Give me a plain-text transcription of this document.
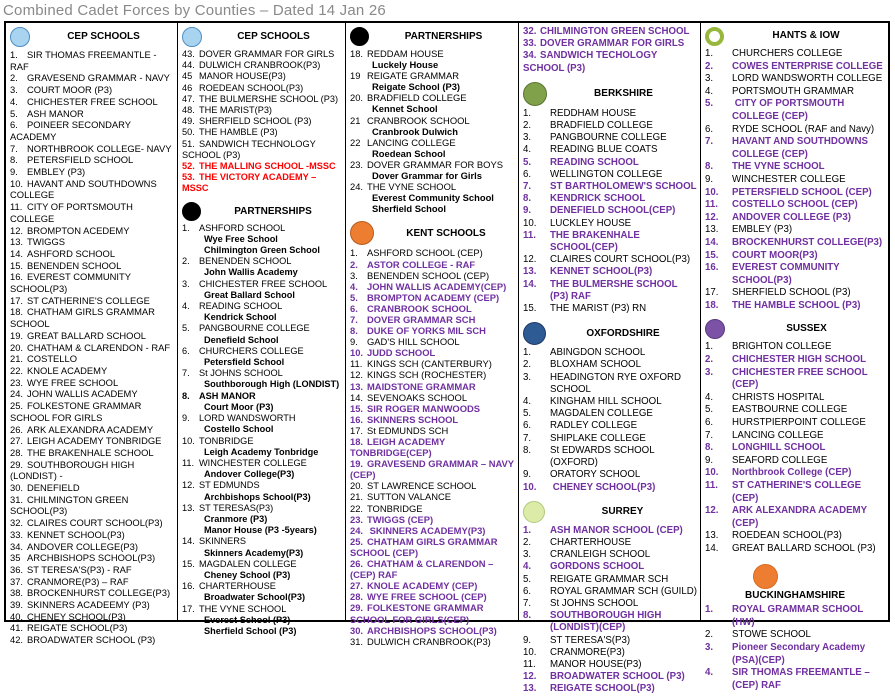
Combined Cadet Forces by Counties – Dated 14 Jan 26
CEP SCHOOLS
1. SIR THOMAS FREEMANTLE - RAF
2. GRAVESEND GRAMMAR - NAVY
3. COURT MOOR (P3)
4. CHICHESTER FREE SCHOOL
5. ASH MANOR
6. POINEER SECONDARY ACADEMY
7. NORTHBROOK COLLEGE- NAVY
8. PETERSFIELD SCHOOL
9. EMBLEY (P3)
10. HAVANT AND SOUTHDOWNS COLLEGE
11. CITY OF PORTSMOUTH COLLEGE
12. BROMPTON ACEDEMY
13. TWIGGS
14. ASHFORD SCHOOL
15. BENENDEN SCHOOL
16. EVEREST COMMUNITY SCHOOL(P3)
17. ST CATHERINE'S COLLEGE
18. CHATHAM GIRLS GRAMMAR SCHOOL
19. GREAT BALLARD SCHOOL
20. CHATHAM & CLARENDON - RAF
21. COSTELLO
22. KNOLE ACADEMY
23. WYE FREE SCHOOL
24. JOHN WALLIS ACADEMY
25. FOLKESTONE GRAMMAR SCHOOL FOR GIRLS
26. ARK ALEXANDRA ACADEMY
27. LEIGH ACADEMY TONBRIDGE
28. THE BRAKENHALE SCHOOL
29. SOUTHBOROUGH HIGH (LONDIST) -
30. DENEFIELD
31. CHILMINGTON GREEN SCHOOL(P3)
32. CLAIRES COURT SCHOOL(P3)
33. KENNET SCHOOL(P3)
34. ANDOVER COLLEGE(P3)
35 ARCHBISHOPS SCHOOL(P3)
36. ST TERESA'S(P3) - RAF
37. CRANMORE(P3) – RAF
38. BROCKENHURST COLLEGE(P3)
39. SKINNERS ACADEEMY (P3)
40. CHENEY SCHOOL(P3)
41. REIGATE SCHOOL(P3)
42. BROADWATER SCHOOL (P3)
CEP SCHOOLS
43. DOVER GRAMMAR FOR GIRLS
44. DULWICH CRANBROOK(P3)
45 MANOR HOUSE(P3)
46 ROEDEAN SCHOOL(P3)
47. THE BULMERSHE SCHOOL (P3)
48. THE MARIST(P3)
49. SHERFIELD SCHOOL (P3)
50. THE HAMBLE (P3)
51. SANDWICH TECHNOLOGY SCHOOL (P3)
52. THE MALLING SCHOOL -MSSC
53. THE VICTORY ACADEMY – MSSC
PARTNERSHIPS
1. ASHFORD SCHOOL
Wye Free School
Chilmington Green School
2. BENENDEN SCHOOL
John Wallis Academy
3. CHICHESTER FREE SCHOOL
Great Ballard School
4. READING SCHOOL
Kendrick School
5. PANGBOURNE COLLEGE
Denefield School
6. CHURCHERS COLLEGE
Petersfield School
7. St JOHNS SCHOOL
Southborough High (LONDIST)
8. ASH MANOR
Court Moor (P3)
9. LORD WANDSWORTH
Costello School
10. TONBRIDGE
Leigh Academy Tonbridge
11. WINCHESTER COLLEGE
Andover College(P3)
12. ST EDMUNDS
Archbishops School(P3)
13. ST TERESAS(P3)
Cranmore (P3)
Manor House (P3 -5years)
14. SKINNERS
Skinners Academy(P3)
15. MAGDALEN COLLEGE
Cheney School (P3)
16. CHARTERHOUSE
Broadwater School(P3)
17. THE VYNE SCHOOL
Everest School (P3)
Sherfield School (P3)
PARTNERSHIPS
18. REDDAM HOUSE
Luckely House
19 REIGATE GRAMMAR
Reigate School (P3)
20. BRADFIELD COLLEGE
Kennet School
21 CRANBROOK SCHOOL
Cranbrook Dulwich
22 LANCING COLLEGE
Roedean School
23. DOVER GRAMMAR FOR BOYS
Dover Grammar for Girls
24. THE VYNE SCHOOL
Everest Community School
Sherfield School
KENT SCHOOLS
1. ASHFORD SCHOOL (CEP)
2. ASTOR COLLEGE - RAF
3. BENENDEN SCHOOL (CEP)
4. JOHN WALLIS ACADEMY(CEP)
5. BROMPTON ACADEMY (CEP)
6. CRANBROOK SCHOOL
7. DOVER GRAMMAR SCH
8. DUKE OF YORKS MIL SCH
9. GAD'S HILL SCHOOL
10. JUDD SCHOOL
11. KINGS SCH (CANTERBURY)
12. KINGS SCH (ROCHESTER)
13. MAIDSTONE GRAMMAR
14. SEVENOAKS SCHOOL
15. SIR ROGER MANWOODS
16. SKINNERS SCHOOL
17. St EDMUNDS SCH
18. LEIGH ACADEMY TONBRIDGE(CEP)
19. GRAVESEND GRAMMAR – NAVY (CEP)
20. ST LAWRENCE SCHOOL
21. SUTTON VALANCE
22. TONBRIDGE
23. TWIGGS (CEP)
24. SKINNERS ACADEMY(P3)
25. CHATHAM GIRLS GRAMMAR SCHOOL (CEP)
26. CHATHAM & CLARENDON – (CEP) RAF
27. KNOLE ACADEMY (CEP)
28. WYE FREE SCHOOL (CEP)
29. FOLKESTONE GRAMMAR SCHOOL FOR GIRLS(CEP)
30. ARCHBISHOPS SCHOOL(P3)
31. DULWICH CRANBROOK(P3)
32. CHILMINGTON GREEN SCHOOL
33. DOVER GRAMMAR FOR GIRLS
34. SANDWICH TECHOLOGY SCHOOL (P3)
BERKSHIRE
1. REDDHAM HOUSE
2. BRADFIELD COLLEGE
3. PANGBOURNE COLLEGE
4. READING BLUE COATS
5. READING SCHOOL
6. WELLINGTON COLLEGE
7. ST BARTHOLOMEW'S SCHOOL
8. KENDRICK SCHOOL
9. DENEFIELD SCHOOL(CEP)
10. LUCKLEY HOUSE
11. THE BRAKENHALE SCHOOL(CEP)
12. CLAIRES COURT SCHOOL(P3)
13. KENNET SCHOOL(P3)
14. THE BULMERSHE SCHOOL (P3) RAF
15. THE MARIST (P3) RN
OXFORDSHIRE
1. ABINGDON SCHOOL
2. BLOXHAM SCHOOL
3. HEADINGTON RYE OXFORD SCHOOL
4. KINGHAM HILL SCHOOL
5. MAGDALEN COLLEGE
6. RADLEY COLLEGE
7. SHIPLAKE COLLEGE
8. St EDWARDS SCHOOL (OXFORD)
9. ORATORY SCHOOL
10. CHENEY SCHOOL(P3)
SURREY
1. ASH MANOR SCHOOL (CEP)
2. CHARTERHOUSE
3. CRANLEIGH SCHOOL
4. GORDONS SCHOOL
5. REIGATE GRAMMAR SCH
6. ROYAL GRAMMAR SCH (GUILD)
7. St JOHNS SCHOOL
8. SOUTHBOROUGH HIGH (LONDIST)(CEP)
9. ST TERESA'S(P3)
10. CRANMORE(P3)
11. MANOR HOUSE(P3)
12. BROADWATER SCHOOL (P3)
13. REIGATE SCHOOL(P3)
HANTS & IOW
1. CHURCHERS COLLEGE
2. COWES ENTERPRISE COLLEGE
3. LORD WANDSWORTH COLLEGE
4. PORTSMOUTH GRAMMAR
5. CITY OF PORTSMOUTH COLLEGE (CEP)
6. RYDE SCHOOL (RAF and Navy)
7. HAVANT AND SOUTHDOWNS COLLEGE (CEP)
8. THE VYNE SCHOOL
9. WINCHESTER COLLEGE
10. PETERSFIELD SCHOOL (CEP)
11. COSTELLO SCHOOL (CEP)
12. ANDOVER COLLEGE (P3)
13. EMBLEY (P3)
14. BROCKENHURST COLLEGE(P3)
15. COURT MOOR(P3)
16. EVEREST COMMUNITY SCHOOL(P3)
17. SHERFIELD SCHOOL (P3)
18. THE HAMBLE SCHOOL (P3)
SUSSEX
1. BRIGHTON COLLEGE
2. CHICHESTER HIGH SCHOOL
3. CHICHESTER FREE SCHOOL (CEP)
4. CHRISTS HOSPITAL
5. EASTBOURNE COLLEGE
6. HURSTPIERPOINT COLLEGE
7. LANCING COLLEGE
8. LONGHILL SCHOOL
9. SEAFORD COLLEGE
10. Northbrook College (CEP)
11. ST CATHERINE'S COLLEGE (CEP)
12. ARK ALEXANDRA ACADEMY (CEP)
13. ROEDEAN SCHOOL(P3)
14. GREAT BALLARD SCHOOL (P3)
BUCKINGHAMSHIRE
1. ROYAL GRAMMAR SCHOOL (HW)
2. STOWE SCHOOL
3. Pioneer Secondary Academy (PSA)(CEP)
4. SIR THOMAS FREEMANTLE – (CEP) RAF
